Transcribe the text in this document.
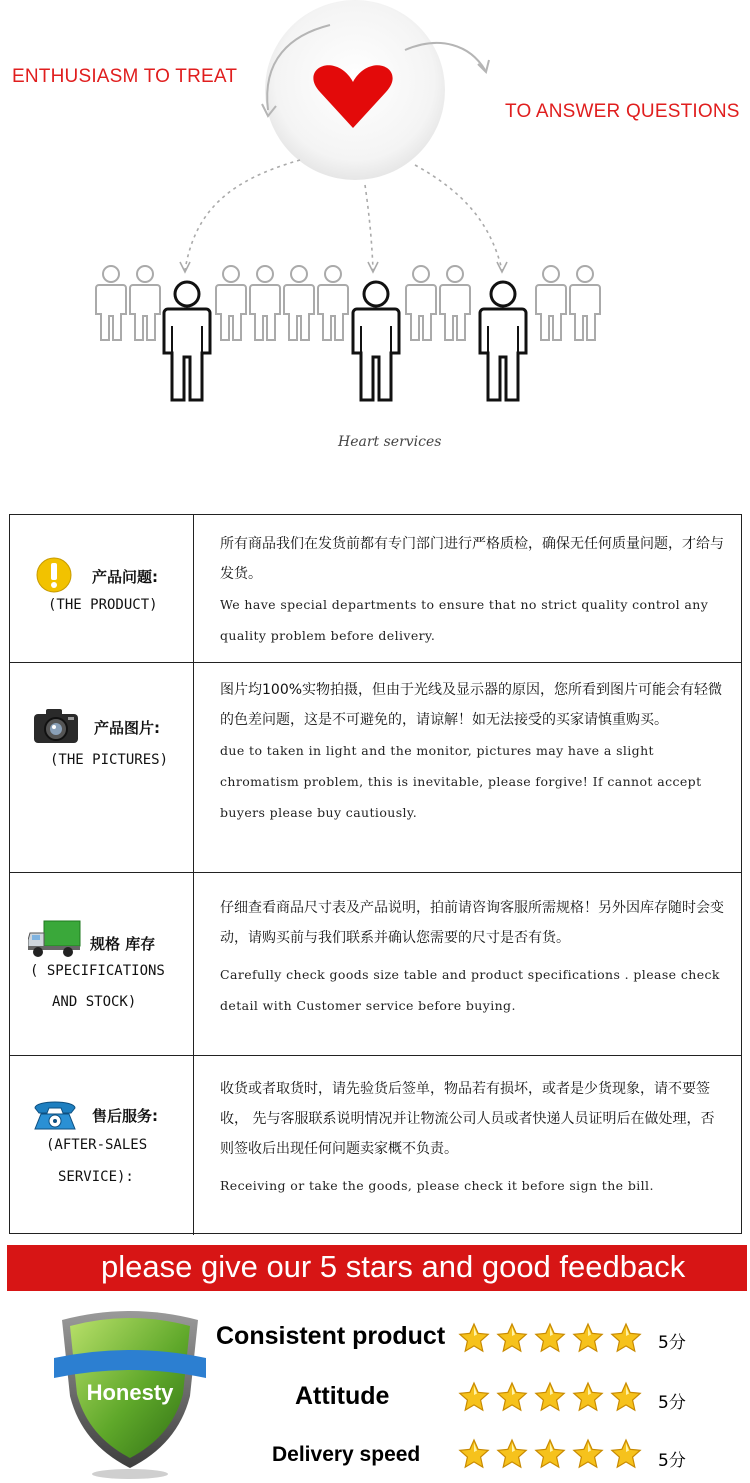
ENTHUSIASM TO TREAT
TO ANSWER QUESTIONS
Heart services
产品问题:
(THE PRODUCT)
所有商品我们在发货前都有专门部门进行严格质检，确保无任何质量问题，才给与发货。
We have special departments to ensure that no strict quality control any quality problem before delivery.
产品图片:
(THE PICTURES)
图片均100%实物拍摄，但由于光线及显示器的原因，您所看到图片可能会有轻微的色差问题，这是不可避免的，请谅解！如无法接受的买家请慎重购买。
due to taken in light and the monitor, pictures may have a slight chromatism problem, this is inevitable, please forgive! If cannot accept buyers please buy cautiously.
规格 库存
( SPECIFICATIONS
AND STOCK)
仔细查看商品尺寸表及产品说明，拍前请咨询客服所需规格！另外因库存随时会变动，请购买前与我们联系并确认您需要的尺寸是否有货。
Carefully check goods size table and product specifications . please check detail with Customer service before buying.
售后服务:
(AFTER-SALES
SERVICE):
收货或者取货时，请先验货后签单，物品若有损坏，或者是少货现象，请不要签收， 先与客服联系说明情况并让物流公司人员或者快递人员证明后在做处理，否则签收后出现任何问题卖家概不负责。
Receiving or take the goods, please check it before sign the bill.
please give our 5 stars and good feedback
Honesty
Consistent product	5分
Attitude	5分
Delivery speed	5分
